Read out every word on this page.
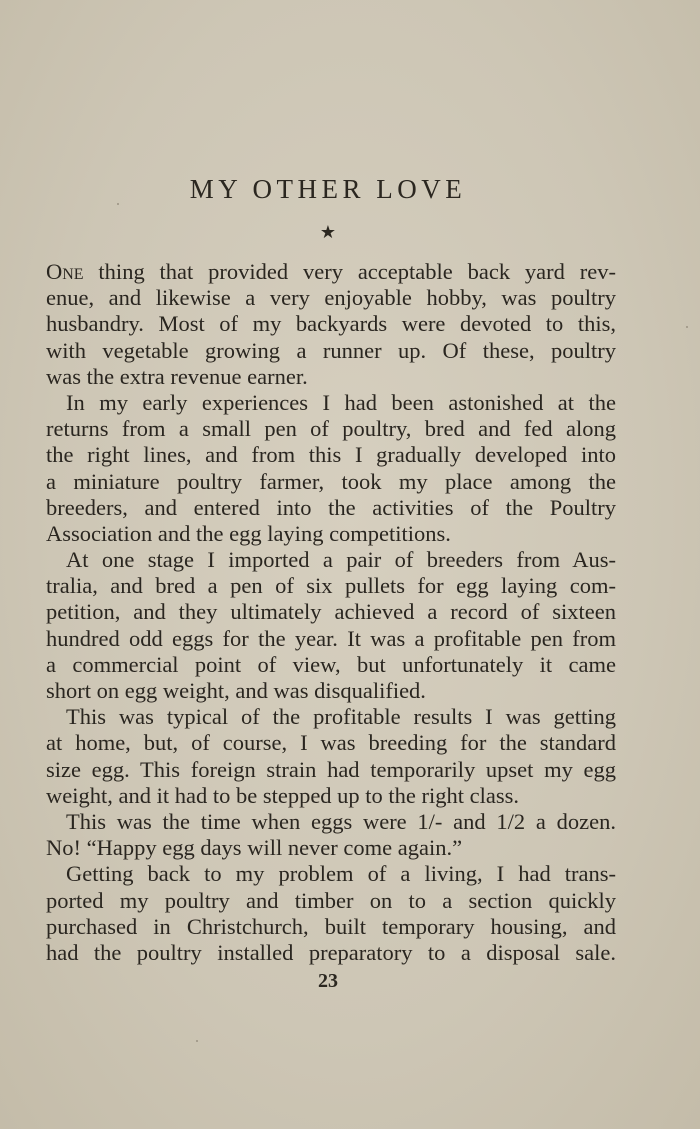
MY OTHER LOVE
★
One thing that provided very acceptable back yard rev-
enue, and likewise a very enjoyable hobby, was poultry
husbandry. Most of my backyards were devoted to this,
with vegetable growing a runner up. Of these, poultry
was the extra revenue earner.
In my early experiences I had been astonished at the
returns from a small pen of poultry, bred and fed along
the right lines, and from this I gradually developed into
a miniature poultry farmer, took my place among the
breeders, and entered into the activities of the Poultry
Association and the egg laying competitions.
At one stage I imported a pair of breeders from Aus-
tralia, and bred a pen of six pullets for egg laying com-
petition, and they ultimately achieved a record of sixteen
hundred odd eggs for the year. It was a profitable pen from
a commercial point of view, but unfortunately it came
short on egg weight, and was disqualified.
This was typical of the profitable results I was getting
at home, but, of course, I was breeding for the standard
size egg. This foreign strain had temporarily upset my egg
weight, and it had to be stepped up to the right class.
This was the time when eggs were 1/- and 1/2 a dozen.
No! “Happy egg days will never come again.”
Getting back to my problem of a living, I had trans-
ported my poultry and timber on to a section quickly
purchased in Christchurch, built temporary housing, and
had the poultry installed preparatory to a disposal sale.
23
